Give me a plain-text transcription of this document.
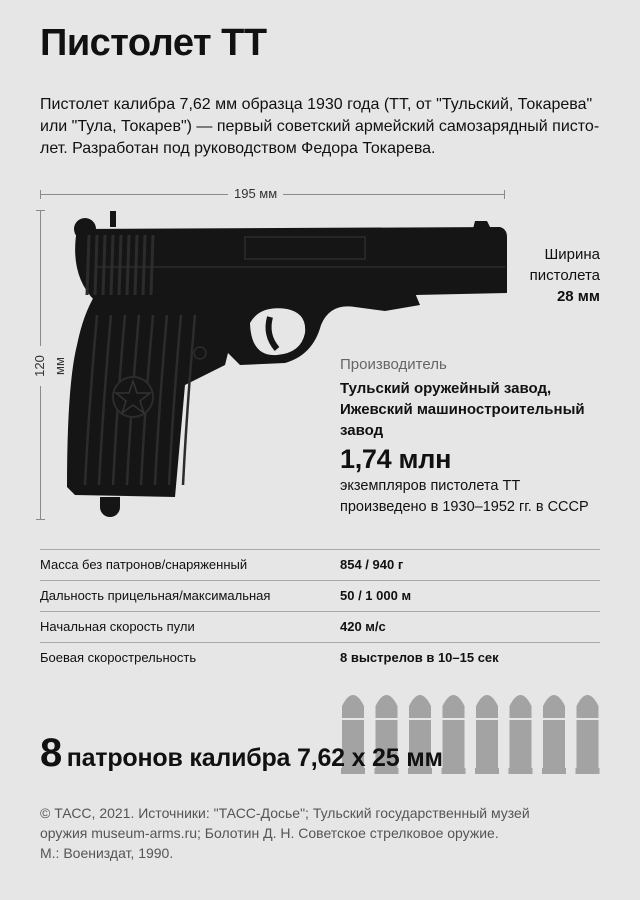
Пистолет ТТ
Пистолет калибра 7,62 мм образца 1930 года (ТТ, от "Тульский, Токарева"
или "Тула, Токарев") — первый советский армейский самозарядный писто-
лет. Разработан под руководством Федора Токарева.
195 мм
120 мм
Ширина
пистолета
28 мм
Производитель
Тульский оружейный завод,
Ижевский машиностроительный
завод
1,74 млн
экземпляров пистолета ТТ
произведено в 1930–1952 гг. в СССР
Масса без патронов/снаряженный	854 / 940 г
Дальность прицельная/максимальная	50 / 1 000 м
Начальная скорость пули	420 м/с
Боевая скорострельность	8 выстрелов в 10–15 сек
8 патронов калибра 7,62 х 25 мм
© ТАСС, 2021. Источники: "ТАСС-Досье"; Тульский государственный музей
оружия museum-arms.ru; Болотин Д. Н. Советское стрелковое оружие.
М.: Воениздат, 1990.
